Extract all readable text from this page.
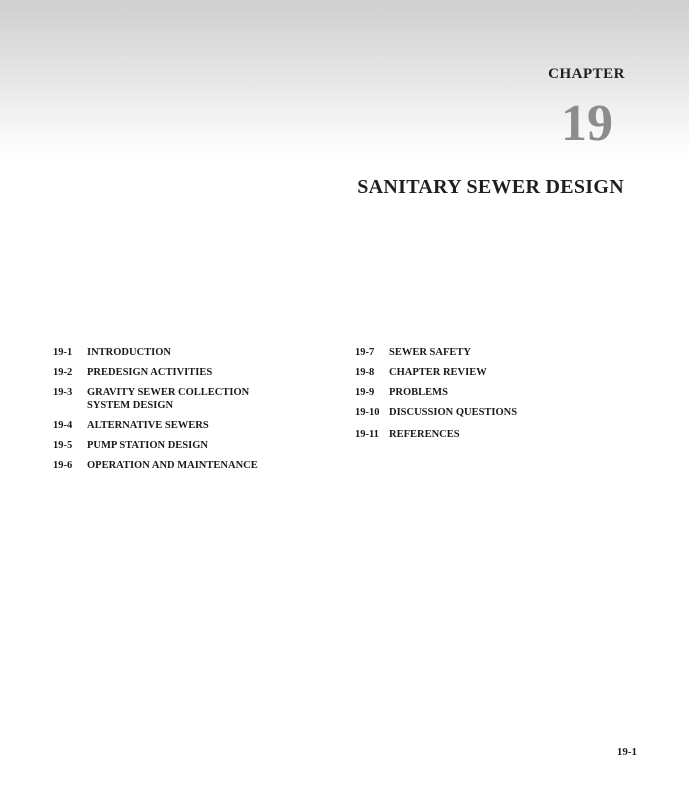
CHAPTER
19
SANITARY SEWER DESIGN
19-1	INTRODUCTION
19-2	PREDESIGN ACTIVITIES
19-3	GRAVITY SEWER COLLECTION
SYSTEM DESIGN
19-4	ALTERNATIVE SEWERS
19-5	PUMP STATION DESIGN
19-6	OPERATION AND MAINTENANCE
19-7	SEWER SAFETY
19-8	CHAPTER REVIEW
19-9	PROBLEMS
19-10 DISCUSSION QUESTIONS
19-11 REFERENCES
19-1
